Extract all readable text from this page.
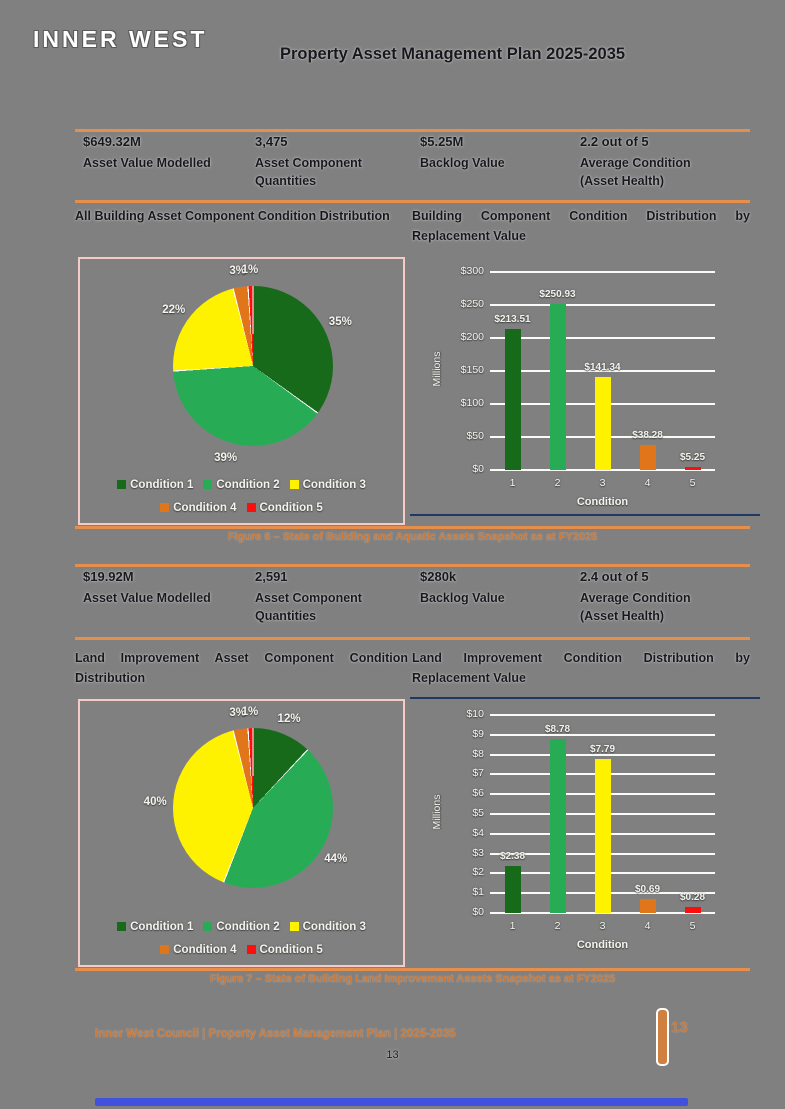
INNER WEST
Property Asset Management Plan 2025-2035
$649.32M
Asset Value Modelled
3,475
Asset Component Quantities
$5.25M
Backlog Value
2.2 out of 5
Average Condition (Asset Health)
All Building Asset Component Condition Distribution	Building Component Condition Distribution by Replacement Value
35%
39%
22%
3%
1%
Condition 1 Condition 2 Condition 3
Condition 4 Condition 5
$0
$50
$100
$150
$200
$250
$300
$213.51
1
$250.93
2
$141.34
3
$38.28
4
$5.25
5
Condition
Millions
Figure 6 – State of Building and Aquatic Assets Snapshot as at FY2025
$19.92M
Asset Value Modelled
2,591
Asset Component Quantities
$280k
Backlog Value
2.4 out of 5
Average Condition (Asset Health)
Land Improvement Asset Component Condition Distribution
Land Improvement Condition Distribution by Replacement Value
12%
44%
40%
3%
1%
Condition 1 Condition 2 Condition 3
Condition 4 Condition 5
$0
$1
$2
$3
$4
$5
$6
$7
$8
$9
$10
$2.38
1
$8.78
2
$7.79
3
$0.69
4
$0.28
5
Condition
Millions
Figure 7 – State of Building Land Improvement Assets Snapshot as at FY2025
Inner West Council | Property Asset Management Plan | 2025-2035
13
13
